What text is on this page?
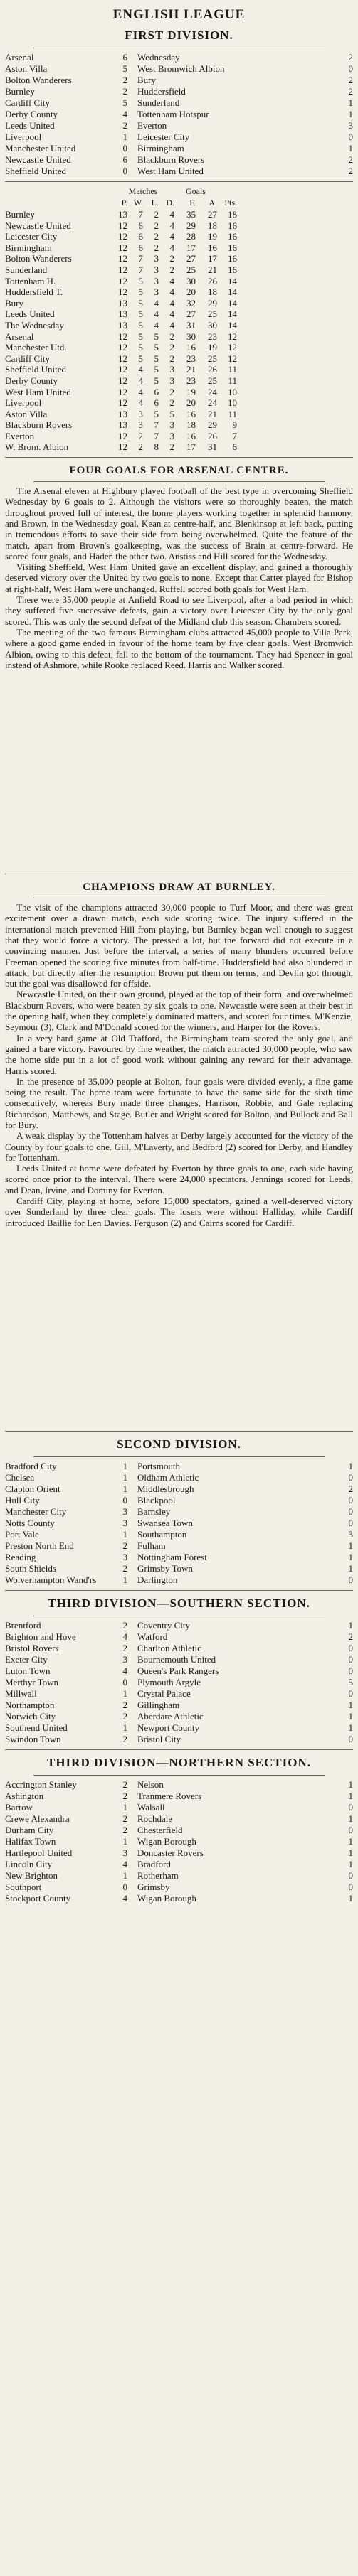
ENGLISH LEAGUE
FIRST DIVISION.
Arsenal	6	Wednesday	2
Aston Villa	5	West Bromwich Albion	0
Bolton Wanderers	2	Bury	2
Burnley	2	Huddersfield	2
Cardiff City	5	Sunderland	1
Derby County	4	Tottenham Hotspur	1
Leeds United	2	Everton	3
Liverpool	1	Leicester City	0
Manchester United	0	Birmingham	1
Newcastle United	6	Blackburn Rovers	2
Sheffield United	0	West Ham United	2
Matches	Goals
P. W. L. D.	F.	A. Pts.
Burnley	13	7	2	4	35	27	18
Newcastle United	12	6	2	4	29	18	16
Leicester City	12	6	2	4	28	19	16
Birmingham	12	6	2	4	17	16	16
Bolton Wanderers	12	7	3	2	27	17	16
Sunderland	12	7	3	2	25	21	16
Tottenham H.	12	5	3	4	30	26	14
Huddersfield T.	12	5	3	4	20	18	14
Bury	13	5	4	4	32	29	14
Leeds United	13	5	4	4	27	25	14
The Wednesday	13	5	4	4	31	30	14
Arsenal	12	5	5	2	30	23	12
Manchester Utd.	12	5	5	2	16	19	12
Cardiff City	12	5	5	2	23	25	12
Sheffield United	12	4	5	3	21	26	11
Derby County	12	4	5	3	23	25	11
West Ham United	12	4	6	2	19	24	10
Liverpool	12	4	6	2	20	24	10
Aston Villa	13	3	5	5	16	21	11
Blackburn Rovers	13	3	7	3	18	29	9
Everton	12	2	7	3	16	26	7
W. Brom. Albion	12	2	8	2	17	31	6
FOUR GOALS FOR ARSENAL CENTRE.

The Arsenal eleven at Highbury played football of the best type in overcoming Sheffield Wednesday by 6 goals to 2. Although the visitors were so thoroughly beaten, the match throughout proved full of interest, the home players working together in splendid harmony, and Brown, in the Wednesday goal, Kean at centre-half, and Blenkinsop at left back, putting in tremendous efforts to save their side from being overwhelmed. Quite the feature of the match, apart from Brown's goalkeeping, was the success of Brain at centre-forward. He scored four goals, and Haden the other two. Anstiss and Hill scored for the Wednesday.

Visiting Sheffield, West Ham United gave an excellent display, and gained a thoroughly deserved victory over the United by two goals to none. Except that Carter played for Bishop at right-half, West Ham were unchanged. Ruffell scored both goals for West Ham.

There were 35,000 people at Anfield Road to see Liverpool, after a bad period in which they suffered five successive defeats, gain a victory over Leicester City by the only goal scored. This was only the second defeat of the Midland club this season. Chambers scored.

The meeting of the two famous Birmingham clubs attracted 45,000 people to Villa Park, where a good game ended in favour of the home team by five clear goals. West Bromwich Albion, owing to this defeat, fall to the bottom of the tournament. They had Spencer in goal instead of Ashmore, while Rooke replaced Reed. Harris and Walker scored.

CHAMPIONS DRAW AT BURNLEY.

The visit of the champions attracted 30,000 people to Turf Moor, and there was great excitement over a drawn match, each side scoring twice. The injury suffered in the international match prevented Hill from playing, but Burnley began well enough to suggest that they would force a victory. The pressed a lot, but the forward did not execute in a convincing manner. Just before the interval, a series of many blunders occurred before Freeman opened the scoring five minutes from half-time. Huddersfield had also blundered in attack, but directly after the resumption Brown put them on terms, and Devlin got through, but the goal was disallowed for offside.

Newcastle United, on their own ground, played at the top of their form, and overwhelmed Blackburn Rovers, who were beaten by six goals to one. Newcastle were seen at their best in the opening half, when they completely dominated matters, and scored four times. M'Kenzie, Seymour (3), Clark and M'Donald scored for the winners, and Harper for the Rovers.

In a very hard game at Old Trafford, the Birmingham team scored the only goal, and gained a bare victory. Favoured by fine weather, the match attracted 30,000 people, who saw the home side put in a lot of good work without gaining any reward for their advantage. Harris scored.

In the presence of 35,000 people at Bolton, four goals were divided evenly, a fine game being the result. The home team were fortunate to have the same side for the sixth time consecutively, whereas Bury made three changes, Harrison, Robbie, and Gale replacing Richardson, Matthews, and Stage. Butler and Wright scored for Bolton, and Bullock and Ball for Bury.

A weak display by the Tottenham halves at Derby largely accounted for the victory of the County by four goals to one. Gill, M'Laverty, and Bedford (2) scored for Derby, and Handley for Tottenham.

Leeds United at home were defeated by Everton by three goals to one, each side having scored once prior to the interval. There were 24,000 spectators. Jennings scored for Leeds, and Dean, Irvine, and Dominy for Everton.

Cardiff City, playing at home, before 15,000 spectators, gained a well-deserved victory over Sunderland by three clear goals. The losers were without Halliday, while Cardiff introduced Baillie for Len Davies. Ferguson (2) and Cairns scored for Cardiff.

SECOND DIVISION.
Bradford City	1	Portsmouth	1
Chelsea	1	Oldham Athletic	0
Clapton Orient	1	Middlesbrough	2
Hull City	0	Blackpool	0
Manchester City	3	Barnsley	0
Notts County	3	Swansea Town	0
Port Vale	1	Southampton	3
Preston North End	2	Fulham	1
Reading	3	Nottingham Forest	1
South Shields	2	Grimsby Town	1
Wolverhampton Wand'rs	1	Darlington	0
THIRD DIVISION—SOUTHERN SECTION.
Brentford	2	Coventry City	1
Brighton and Hove	4	Watford	2
Bristol Rovers	2	Charlton Athletic	0
Exeter City	3	Bournemouth United	0
Luton Town	4	Queen's Park Rangers	0
Merthyr Town	0	Plymouth Argyle	5
Millwall	1	Crystal Palace	0
Northampton	2	Gillingham	1
Norwich City	2	Aberdare Athletic	1
Southend United	1	Newport County	1
Swindon Town	2	Bristol City	0
THIRD DIVISION—NORTHERN SECTION.
Accrington Stanley	2	Nelson	1
Ashington	2	Tranmere Rovers	1
Barrow	1	Walsall	0
Crewe Alexandra	2	Rochdale	1
Durham City	2	Chesterfield	0
Halifax Town	1	Wigan Borough	1
Hartlepool United	3	Doncaster Rovers	1
Lincoln City	4	Bradford	1
New Brighton	1	Rotherham	0
Southport	0	Grimsby	0
Stockport County	4	Wigan Borough	1
